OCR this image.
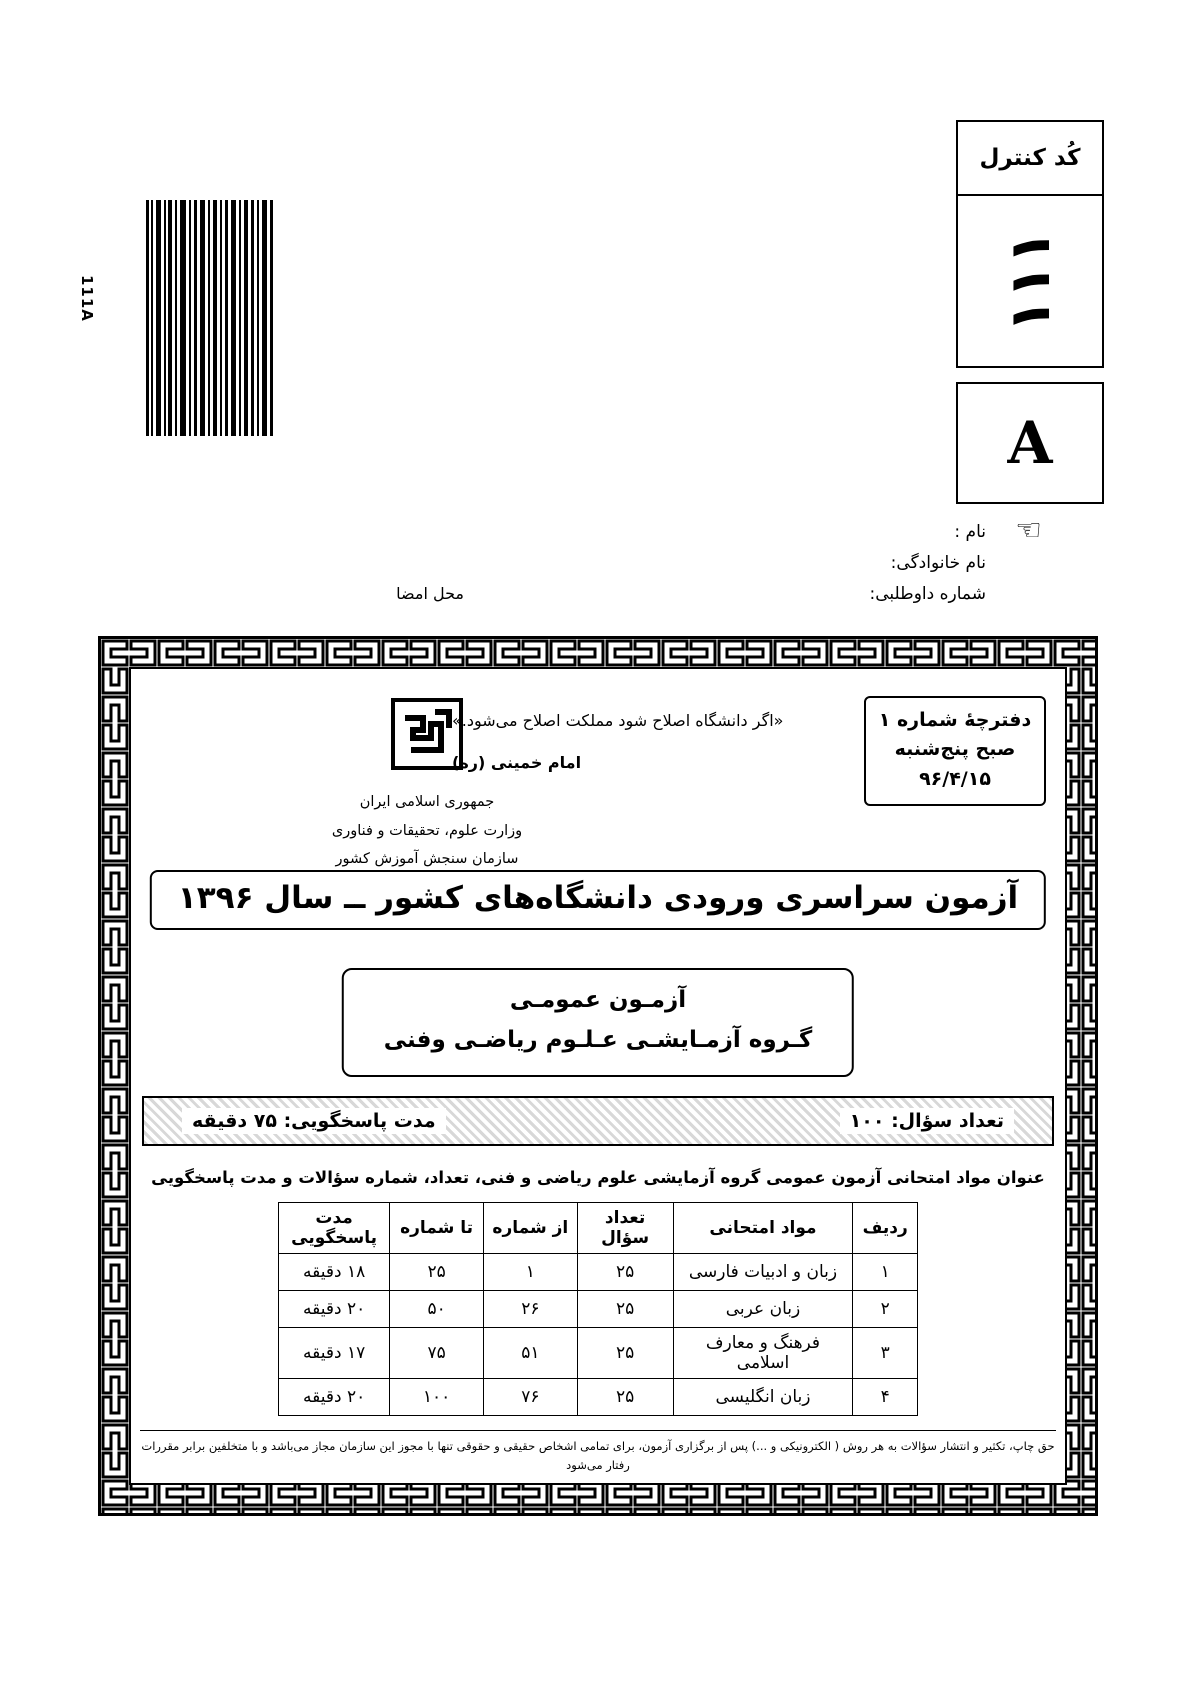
کُد کنترل
۱۱۱
A
111A
☜
نام :
نام خانوادگی:
شماره داوطلبی:
محل امضا
دفترچۀ شماره ۱
صبح پنج‌شنبه
۹۶/۴/۱۵
«اگر دانشگاه اصلاح شود مملکت اصلاح می‌شود.»
امام خمینی (ره)
جمهوری اسلامی ایران
وزارت علوم، تحقیقات و فناوری
سازمان سنجش آموزش کشور
آزمون سراسری ورودی دانشگاه‌های کشور ــ سال ۱۳۹۶
آزمـون عمومـی
گـروه آزمـایشـی عـلـوم ریاضـی وفنی
تعداد سؤال: ۱۰۰
مدت پاسخگویی: ۷۵ دقیقه
عنوان مواد امتحانی آزمون عمومی گروه آزمایشی علوم ریاضی و فنی، تعداد، شماره سؤالات و مدت پاسخگویی
ردیف	مواد امتحانی	تعداد سؤال	از شماره	تا شماره	مدت پاسخگویی
۱	زبان و ادبیات فارسی	۲۵	۱	۲۵	۱۸ دقیقه
۲	زبان عربی	۲۵	۲۶	۵۰	۲۰ دقیقه
۳	فرهنگ و معارف اسلامی	۲۵	۵۱	۷۵	۱۷ دقیقه
۴	زبان انگلیسی	۲۵	۷۶	۱۰۰	۲۰ دقیقه
حق چاپ، تکثیر و انتشار سؤالات به هر روش ( الکترونیکی و ...) پس از برگزاری آزمون، برای تمامی اشخاص حقیقی و حقوقی تنها با مجوز این سازمان مجاز می‌باشد و با متخلفین برابر مقررات رفتار می‌شود
